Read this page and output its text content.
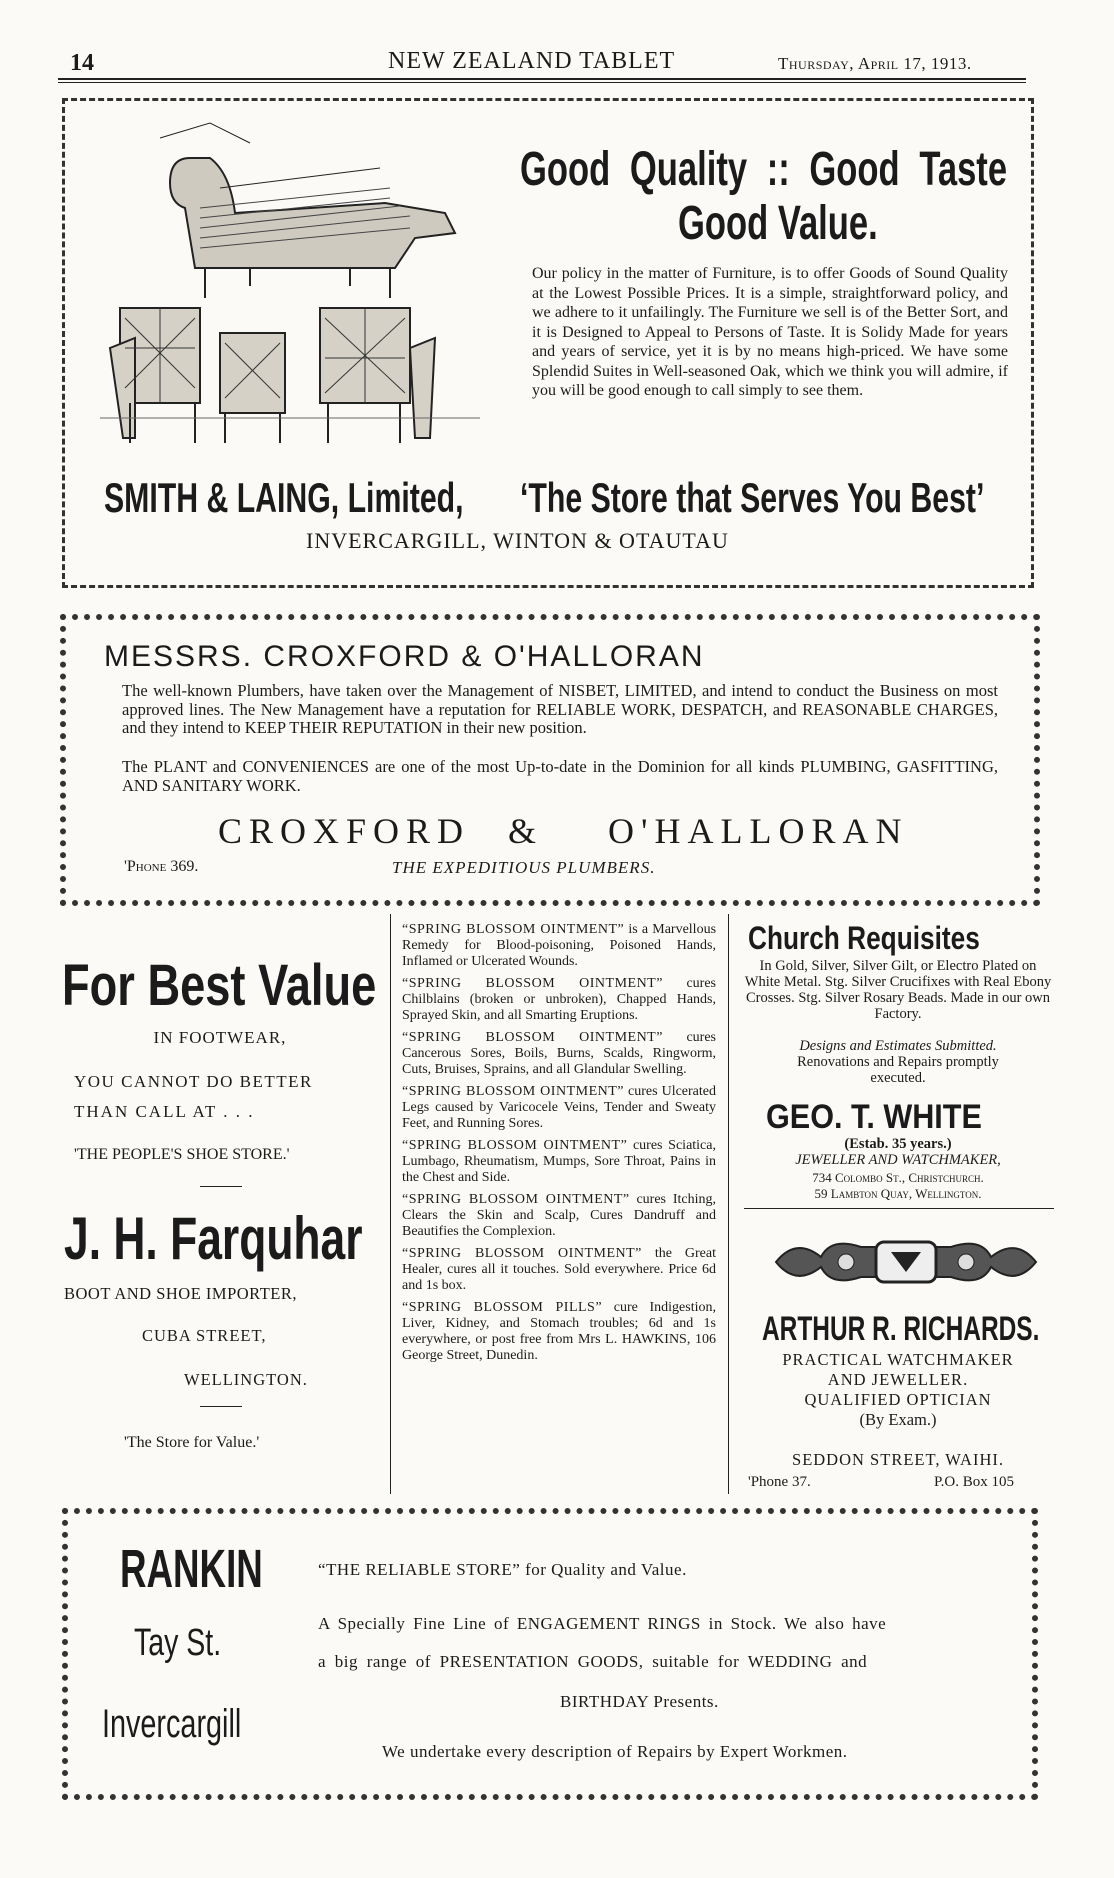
14	NEW ZEALAND TABLET	Thursday, April 17, 1913.
Good Quality :: Good Taste
Good Value.
Our policy in the matter of Furniture, is to offer Goods of Sound Quality at the Lowest Possible Prices. It is a simple, straightforward policy, and we adhere to it unfailingly. The Furniture we sell is of the Better Sort, and it is Designed to Appeal to Persons of Taste. It is Solidy Made for years and years of service, yet it is by no means high-priced. We have some Splendid Suites in Well-seasoned Oak, which we think you will admire, if you will be good enough to call simply to see them.
SMITH & LAING, Limited, ‘The Store that Serves You Best’
INVERCARGILL, WINTON & OTAUTAU
MESSRS. CROXFORD & O'HALLORAN
The well-known Plumbers, have taken over the Management of NISBET, LIMITED, and intend to conduct the Business on most approved lines. The New Management have a reputation for RELIABLE WORK, DESPATCH, and REASONABLE CHARGES, and they intend to KEEP THEIR REPUTATION in their new position.
The PLANT and CONVENIENCES are one of the most Up-to-date in the Dominion for all kinds PLUMBING, GASFITTING, AND SANITARY WORK.
CROXFORD & O'HALLORAN
'Phone 369.	THE EXPEDITIOUS PLUMBERS.
For Best Value
IN FOOTWEAR,
YOU CANNOT DO BETTER
THAN CALL AT . . .
'THE PEOPLE'S SHOE STORE.'
J. H. Farquhar
BOOT AND SHOE IMPORTER,
CUBA STREET,
WELLINGTON.
'The Store for Value.'
“SPRING BLOSSOM OINTMENT” is a Marvellous Remedy for Blood-poisoning, Poisoned Hands, Inflamed or Ulcerated Wounds.
“SPRING BLOSSOM OINTMENT” cures Chilblains (broken or unbroken), Chapped Hands, Sprayed Skin, and all Smarting Eruptions.
“SPRING BLOSSOM OINTMENT” cures Cancerous Sores, Boils, Burns, Scalds, Ringworm, Cuts, Bruises, Sprains, and all Glandular Swelling.
“SPRING BLOSSOM OINTMENT” cures Ulcerated Legs caused by Varicocele Veins, Tender and Sweaty Feet, and Running Sores.
“SPRING BLOSSOM OINTMENT” cures Sciatica, Lumbago, Rheumatism, Mumps, Sore Throat, Pains in the Chest and Side.
“SPRING BLOSSOM OINTMENT” cures Itching, Clears the Skin and Scalp, Cures Dandruff and Beautifies the Complexion.
“SPRING BLOSSOM OINTMENT” the Great Healer, cures all it touches. Sold everywhere. Price 6d and 1s box.
“SPRING BLOSSOM PILLS” cure Indigestion, Liver, Kidney, and Stomach troubles; 6d and 1s everywhere, or post free from Mrs L. HAWKINS, 106 George Street, Dunedin.
Church Requisites
In Gold, Silver, Silver Gilt, or Electro Plated on White Metal. Stg. Silver Crucifixes with Real Ebony Crosses. Stg. Silver Rosary Beads. Made in our own Factory.
Designs and Estimates Submitted.
Renovations and Repairs promptly executed.
GEO. T. WHITE
(Estab. 35 years.)
JEWELLER AND WATCHMAKER,
734 Colombo St., Christchurch.
59 Lambton Quay, Wellington.
ARTHUR R. RICHARDS.
PRACTICAL WATCHMAKER
AND JEWELLER.
QUALIFIED OPTICIAN
(By Exam.)
SEDDON STREET, WAIHI.
'Phone 37.	P.O. Box 105
RANKIN
Tay St.
Invercargill
“THE RELIABLE STORE” for Quality and Value.
A Specially Fine Line of ENGAGEMENT RINGS in Stock. We also have
a big range of PRESENTATION GOODS, suitable for WEDDING and
BIRTHDAY Presents.
We undertake every description of Repairs by Expert Workmen.
